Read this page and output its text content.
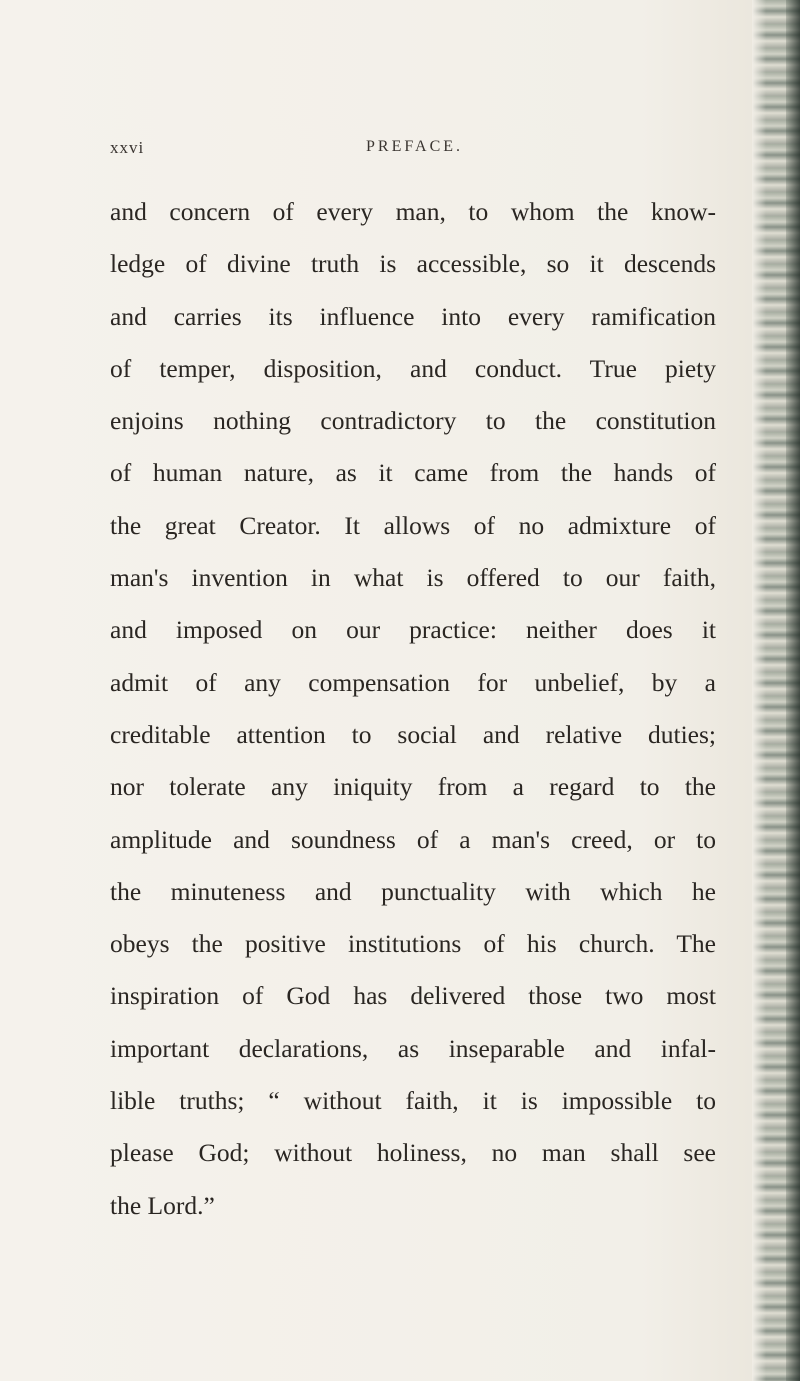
xxvi	PREFACE.
and concern of every man, to whom the know-
ledge of divine truth is accessible, so it descends
and carries its influence into every ramification
of temper, disposition, and conduct. True piety
enjoins nothing contradictory to the constitution
of human nature, as it came from the hands of
the great Creator. It allows of no admixture of
man's invention in what is offered to our faith,
and imposed on our practice: neither does it
admit of any compensation for unbelief, by a
creditable attention to social and relative duties;
nor tolerate any iniquity from a regard to the
amplitude and soundness of a man's creed, or to
the minuteness and punctuality with which he
obeys the positive institutions of his church. The
inspiration of God has delivered those two most
important declarations, as inseparable and infal-
lible truths; “ without faith, it is impossible to
please God; without holiness, no man shall see
the Lord.”
